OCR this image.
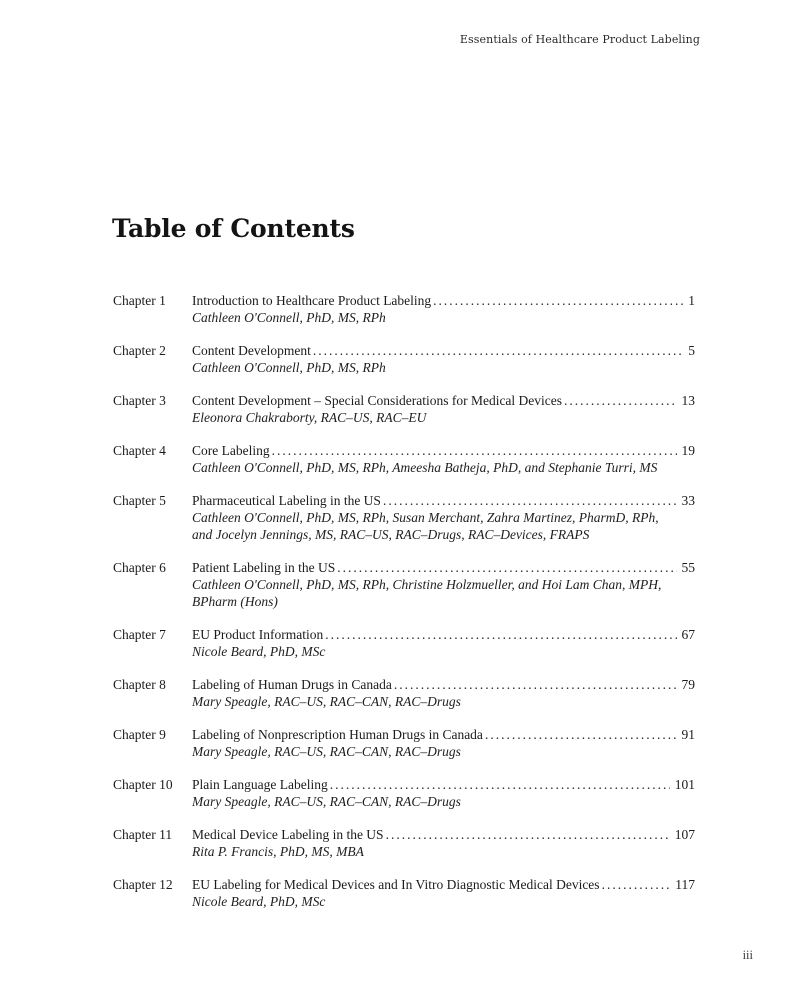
Essentials of Healthcare Product Labeling
Table of Contents
Chapter 1	Introduction to Healthcare Product Labeling .....	1
Cathleen O'Connell, PhD, MS, RPh
Chapter 2	Content Development .....	5
Cathleen O'Connell, PhD, MS, RPh
Chapter 3	Content Development – Special Considerations for Medical Devices .....	13
Eleonora Chakraborty, RAC–US, RAC–EU
Chapter 4	Core Labeling .....	19
Cathleen O'Connell, PhD, MS, RPh, Ameesha Batheja, PhD, and Stephanie Turri, MS
Chapter 5	Pharmaceutical Labeling in the US .....	33
Cathleen O'Connell, PhD, MS, RPh, Susan Merchant, Zahra Martinez, PharmD, RPh,
and Jocelyn Jennings, MS, RAC–US, RAC–Drugs, RAC–Devices, FRAPS
Chapter 6	Patient Labeling in the US .....	55
Cathleen O'Connell, PhD, MS, RPh, Christine Holzmueller, and Hoi Lam Chan, MPH,
BPharm (Hons)
Chapter 7	EU Product Information .....	67
Nicole Beard, PhD, MSc
Chapter 8	Labeling of Human Drugs in Canada .....	79
Mary Speagle, RAC–US, RAC–CAN, RAC–Drugs
Chapter 9	Labeling of Nonprescription Human Drugs in Canada .....	91
Mary Speagle, RAC–US, RAC–CAN, RAC–Drugs
Chapter 10	Plain Language Labeling .....	101
Mary Speagle, RAC–US, RAC–CAN, RAC–Drugs
Chapter 11	Medical Device Labeling in the US .....	107
Rita P. Francis, PhD, MS, MBA
Chapter 12	EU Labeling for Medical Devices and In Vitro Diagnostic Medical Devices .....	117
Nicole Beard, PhD, MSc
iii
